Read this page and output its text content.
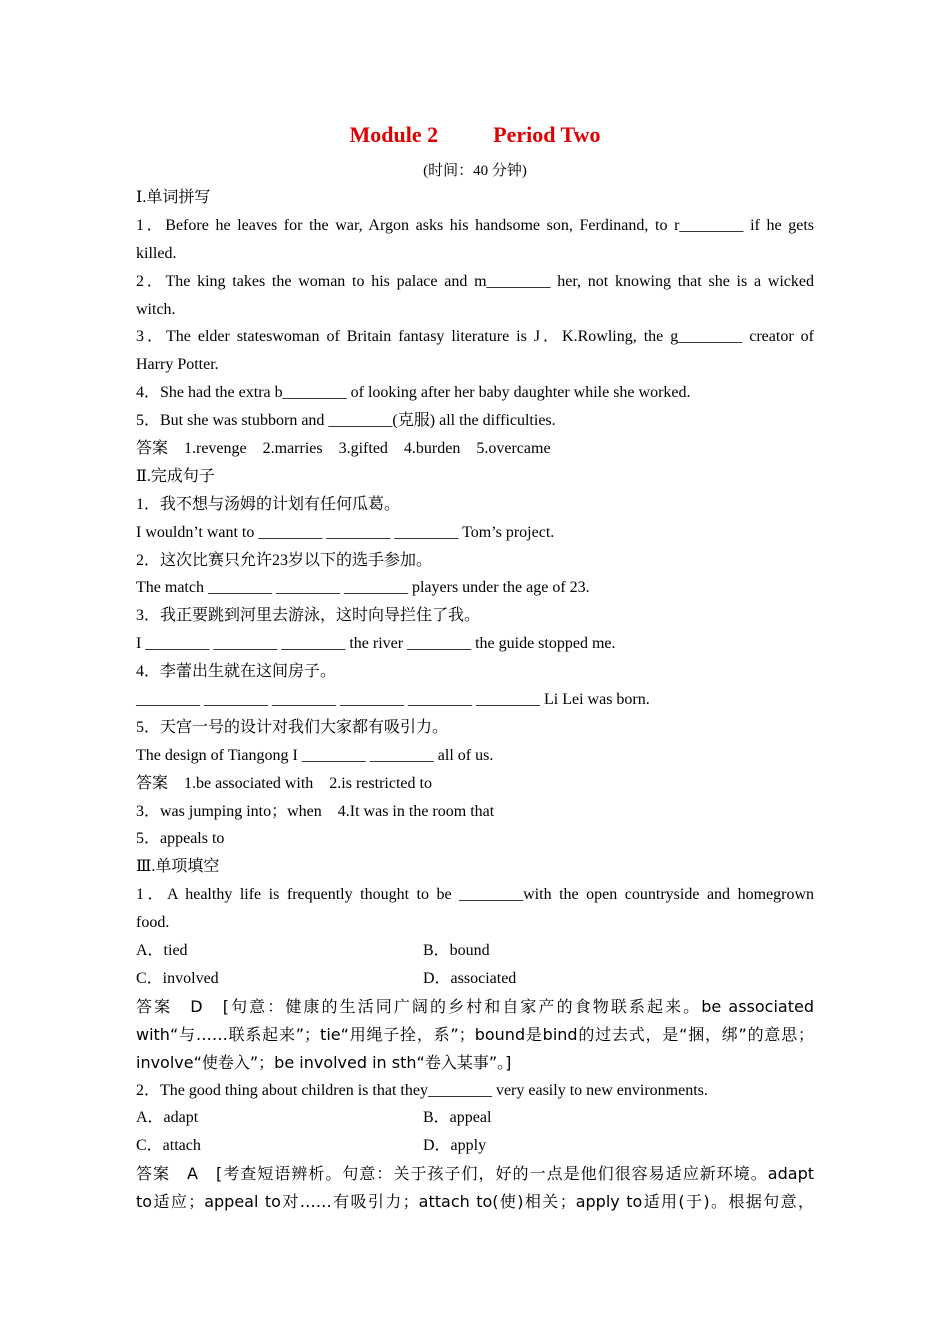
Module 2          Period Two
(时间：40 分钟)
Ⅰ.单词拼写
1．Before he leaves for the war, Argon asks his handsome son, Ferdinand, to r________ if he gets
killed.
2．The king takes the woman to his palace and m________ her, not knowing that she is a wicked
witch.
3．The elder stateswoman of Britain fantasy literature is J．K.Rowling, the g________ creator of
Harry Potter.
4．She had the extra b________ of looking after her baby daughter while she worked.
5．But she was stubborn and ________(克服) all the difficulties.
答案　1.revenge　2.marries　3.gifted　4.burden　5.overcame
Ⅱ.完成句子
1．我不想与汤姆的计划有任何瓜葛。
I wouldn’t want to ________ ________ ________ Tom’s project.
2．这次比赛只允许23岁以下的选手参加。
The match ________ ________ ________ players under the age of 23.
3．我正要跳到河里去游泳，这时向导拦住了我。
I ________ ________ ________ the river ________ the guide stopped me.
4．李蕾出生就在这间房子。
________ ________ ________ ________ ________ ________ Li Lei was born.
5．天宫一号的设计对我们大家都有吸引力。
The design of Tiangong I ________ ________ all of us.
答案　1.be associated with　2.is restricted to
3．was jumping into；when　4.It was in the room that
5．appeals to
Ⅲ.单项填空
1．A healthy life is frequently thought to be ________with the open countryside and homegrown
food.
A．tied	B．bound
C．involved	D．associated
答案　D　[句意：健康的生活同广阔的乡村和自家产的食物联系起来。be associated
with“与……联系起来”；tie“用绳子拴，系”；bound是bind的过去式，是“捆，绑”的意思；
involve“使卷入”；be involved in sth“卷入某事”。]
2．The good thing about children is that they________ very easily to new environments.
A．adapt	B．appeal
C．attach	D．apply
答案　A　[考查短语辨析。句意：关于孩子们，好的一点是他们很容易适应新环境。adapt
to适应；appeal to对……有吸引力；attach to(使)相关；apply to适用(于)。根据句意，
